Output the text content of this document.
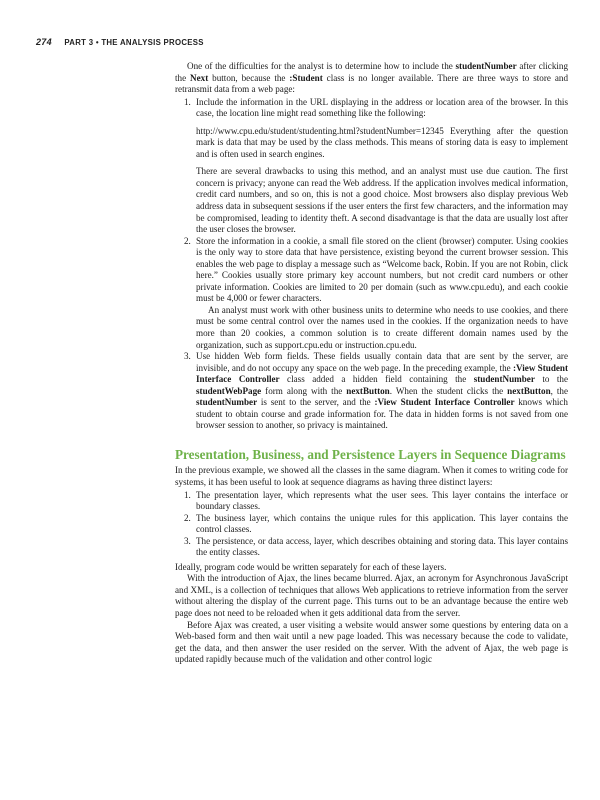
274 PART 3 • THE ANALYSIS PROCESS

One of the difficulties for the analyst is to determine how to include the studentNumber after clicking the Next button, because the :Student class is no longer available. There are three ways to store and retransmit data from a web page:

1. Include the information in the URL displaying in the address or location area of the browser. In this case, the location line might read something like the following:

http://www.cpu.edu/student/studenting.html?studentNumber=12345 Everything after the question mark is data that may be used by the class methods. This means of storing data is easy to implement and is often used in search engines.

There are several drawbacks to using this method, and an analyst must use due caution. The first concern is privacy; anyone can read the Web address. If the application involves medical information, credit card numbers, and so on, this is not a good choice. Most browsers also display previous Web address data in subsequent sessions if the user enters the first few characters, and the information may be compromised, leading to identity theft. A second disadvantage is that the data are usually lost after the user closes the browser.

2. Store the information in a cookie, a small file stored on the client (browser) computer. Using cookies is the only way to store data that have persistence, existing beyond the current browser session. This enables the web page to display a message such as “Welcome back, Robin. If you are not Robin, click here.” Cookies usually store primary key account numbers, but not credit card numbers or other private information. Cookies are limited to 20 per domain (such as www.cpu.edu), and each cookie must be 4,000 or fewer characters.

An analyst must work with other business units to determine who needs to use cookies, and there must be some central control over the names used in the cookies. If the organization needs to have more than 20 cookies, a common solution is to create different domain names used by the organization, such as support.cpu.edu or instruction.cpu.edu.

3. Use hidden Web form fields. These fields usually contain data that are sent by the server, are invisible, and do not occupy any space on the web page. In the preceding example, the :View Student Interface Controller class added a hidden field containing the studentNumber to the studentWebPage form along with the nextButton. When the student clicks the nextButton, the studentNumber is sent to the server, and the :View Student Interface Controller knows which student to obtain course and grade information for. The data in hidden forms is not saved from one browser session to another, so privacy is maintained.

Presentation, Business, and Persistence Layers in Sequence Diagrams

In the previous example, we showed all the classes in the same diagram. When it comes to writing code for systems, it has been useful to look at sequence diagrams as having three distinct layers:

1. The presentation layer, which represents what the user sees. This layer contains the interface or boundary classes.

2. The business layer, which contains the unique rules for this application. This layer contains the control classes.

3. The persistence, or data access, layer, which describes obtaining and storing data. This layer contains the entity classes.

Ideally, program code would be written separately for each of these layers.

With the introduction of Ajax, the lines became blurred. Ajax, an acronym for Asynchronous JavaScript and XML, is a collection of techniques that allows Web applications to retrieve information from the server without altering the display of the current page. This turns out to be an advantage because the entire web page does not need to be reloaded when it gets additional data from the server.

Before Ajax was created, a user visiting a website would answer some questions by entering data on a Web-based form and then wait until a new page loaded. This was necessary because the code to validate, get the data, and then answer the user resided on the server. With the advent of Ajax, the web page is updated rapidly because much of the validation and other control logic
